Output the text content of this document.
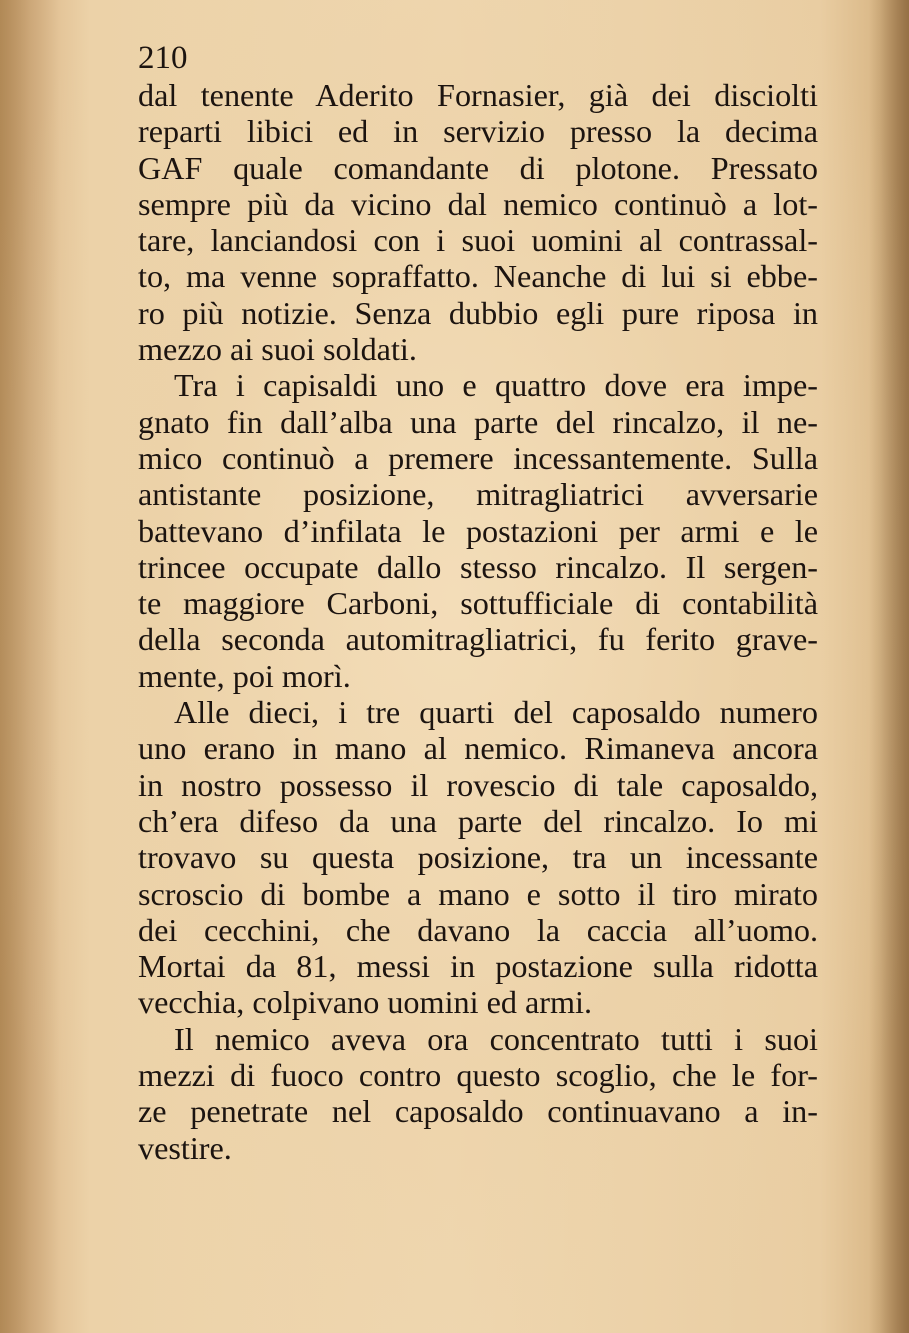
210
dal tenente Aderito Fornasier, già dei disciolti
reparti libici ed in servizio presso la decima
GAF quale comandante di plotone. Pressato
sempre più da vicino dal nemico continuò a lot-
tare, lanciandosi con i suoi uomini al contrassal-
to, ma venne sopraffatto. Neanche di lui si ebbe-
ro più notizie. Senza dubbio egli pure riposa in
mezzo ai suoi soldati.
Tra i capisaldi uno e quattro dove era impe-
gnato fin dall’alba una parte del rincalzo, il ne-
mico continuò a premere incessantemente. Sulla
antistante posizione, mitragliatrici avversarie
battevano d’infilata le postazioni per armi e le
trincee occupate dallo stesso rincalzo. Il sergen-
te maggiore Carboni, sottufficiale di contabilità
della seconda automitragliatrici, fu ferito grave-
mente, poi morì.
Alle dieci, i tre quarti del caposaldo numero
uno erano in mano al nemico. Rimaneva ancora
in nostro possesso il rovescio di tale caposaldo,
ch’era difeso da una parte del rincalzo. Io mi
trovavo su questa posizione, tra un incessante
scroscio di bombe a mano e sotto il tiro mirato
dei cecchini, che davano la caccia all’uomo.
Mortai da 81, messi in postazione sulla ridotta
vecchia, colpivano uomini ed armi.
Il nemico aveva ora concentrato tutti i suoi
mezzi di fuoco contro questo scoglio, che le for-
ze penetrate nel caposaldo continuavano a in-
vestire.
